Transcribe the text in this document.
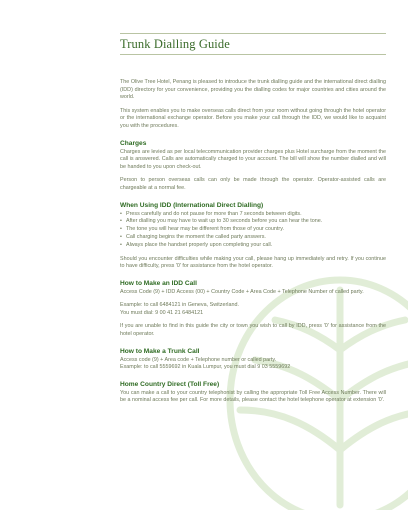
Trunk Dialling Guide

The Olive Tree Hotel, Penang is pleased to introduce the trunk dialling guide and the international direct dialling (IDD) directory for your convenience, providing you the dialling codes for major countries and cities around the world.

This system enables you to make overseas calls direct from your room without going through the hotel operator or the international exchange operator. Before you make your call through the IDD, we would like to acquaint you with the procedures.

Charges

Charges are levied as per local telecommunication provider charges plus Hotel surcharge from the moment the call is answered. Calls are automatically charged to your account. The bill will show the number dialled and will be handed to you upon check-out.

Person to person overseas calls can only be made through the operator. Operator-assisted calls are chargeable at a normal fee.

When Using IDD (International Direct Dialling)
• Press carefully and do not pause for more than 7 seconds between digits.
• After dialling you may have to wait up to 30 seconds before you can hear the tone.
• The tone you will hear may be different from those of your country.
• Call charging begins the moment the called party answers.
• Always place the handset properly upon completing your call.

Should you encounter difficulties while making your call, please hang up immediately and retry. If you continue to have difficulty, press '0' for assistance from the hotel operator.

How to Make an IDD Call

Access Code (9) + IDD Access (00) + Country Code + Area Code + Telephone Number of called party.

Example: to call 6484121 in Geneva, Switzerland.
You must dial: 9 00 41 21 6484121

If you are unable to find in this guide the city or town you wish to call by IDD, press '0' for assistance from the hotel operator.

How to Make a Trunk Call

Access code (9) + Area code + Telephone number or called party.
Example: to call 5559692 in Kuala Lumpur, you must dial 9 03 5559692

Home Country Direct (Toll Free)

You can make a call to your country telephonist by calling the appropriate Toll Free Access Number. There will be a nominal access fee per call. For more details, please contact the hotel telephone operator at extension '0'.
